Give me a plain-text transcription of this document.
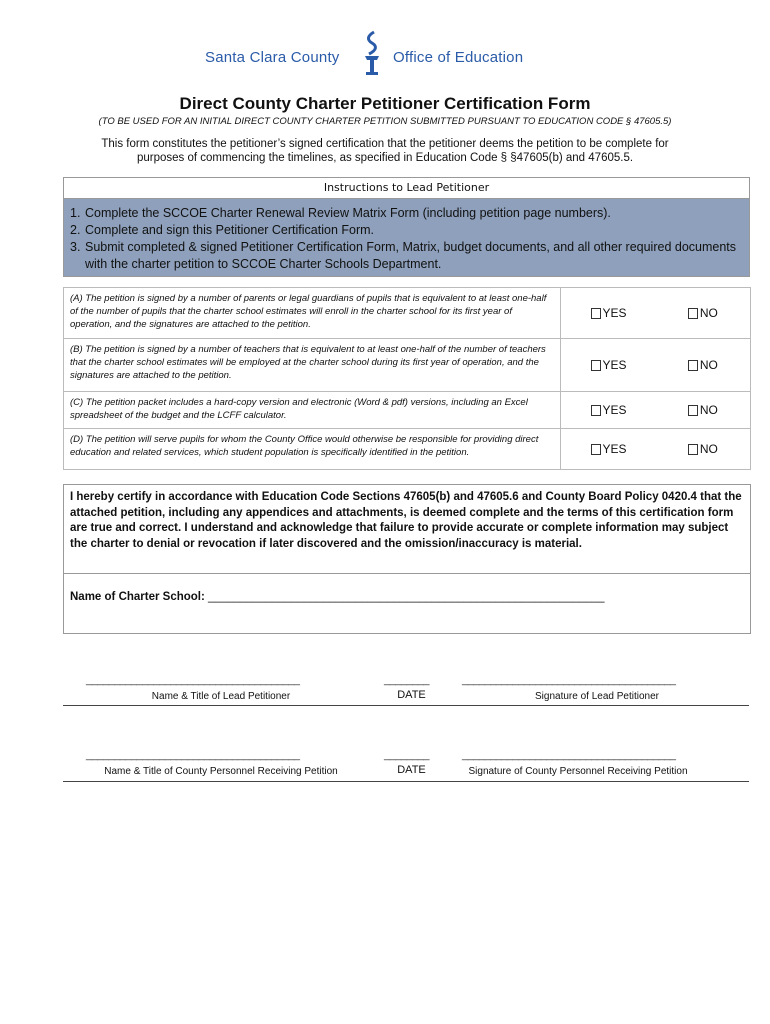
Santa Clara County	Office of Education
Direct County Charter Petitioner Certification Form
(TO BE USED FOR AN INITIAL DIRECT COUNTY CHARTER PETITION SUBMITTED PURSUANT TO EDUCATION CODE § 47605.5)
This form constitutes the petitioner’s signed certification that the petitioner deems the petition to be complete for purposes of commencing the timelines, as specified in Education Code § §47605(b) and 47605.5.
Instructions to Lead Petitioner
1. Complete the SCCOE Charter Renewal Review Matrix Form (including petition page numbers).
2. Complete and sign this Petitioner Certification Form.
3. Submit completed & signed Petitioner Certification Form, Matrix, budget documents, and all other required documents with the charter petition to SCCOE Charter Schools Department.
(A) The petition is signed by a number of parents or legal guardians of pupils that is equivalent to at least one-half of the number of pupils that the charter school estimates will enroll in the charter school for its first year of operation, and the signatures are attached to the petition.
YES	NO
(B) The petition is signed by a number of teachers that is equivalent to at least one-half of the number of teachers that the charter school estimates will be employed at the charter school during its first year of operation, and the signatures are attached to the petition.
YES	NO
(C) The petition packet includes a hard-copy version and electronic (Word & pdf) versions, including an Excel spreadsheet of the budget and the LCFF calculator.	YES	NO
(D) The petition will serve pupils for whom the County Office would otherwise be responsible for providing direct education and related services, which student population is specifically identified in the petition.	YES	NO
I hereby certify in accordance with Education Code Sections 47605(b) and 47605.6 and County Board Policy 0420.4 that the attached petition, including any appendices and attachments, is deemed complete and the terms of this certification form are true and correct. I understand and acknowledge that failure to provide accurate or complete information may subject the charter to denial or revocation if later discovered and the omission/inaccuracy is material.
Name of Charter School: ______________________________________________________________
______________________________________	________	______________________________________
Name & Title of Lead Petitioner	DATE	Signature of Lead Petitioner
______________________________________	________	______________________________________
Name & Title of County Personnel Receiving Petition	DATE	Signature of County Personnel Receiving Petition
